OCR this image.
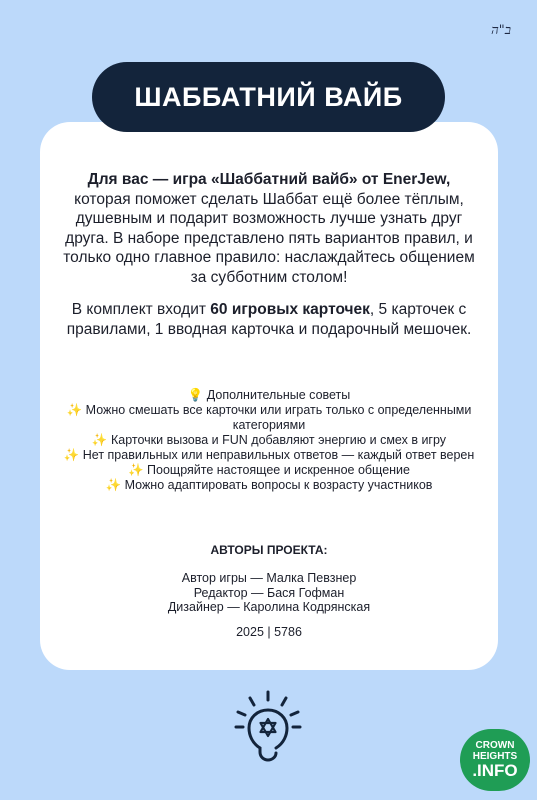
ב"ה
ШАББАТНИЙ ВАЙБ
Для вас — игра «Шаббатний вайб» от EnerJew, которая поможет сделать Шаббат ещё более тёплым, душевным и подарит возможность лучше узнать друг друга. В наборе представлено пять вариантов правил, и только одно главное правило: наслаждайтесь общением за субботним столом!
В комплект входит 60 игровых карточек, 5 карточек с правилами, 1 вводная карточка и подарочный мешочек.

💡 Дополнительные советы

✨ Можно смешать все карточки или играть только с определенными категориями

✨ Карточки вызова и FUN добавляют энергию и смех в игру

✨ Нет правильных или неправильных ответов — каждый ответ верен

✨ Поощряйте настоящее и искренное общение

✨ Можно адаптировать вопросы к возрасту участников

АВТОРЫ ПРОЕКТА:
Автор игры — Малка Певзнер
Редактор — Бася Гофман
Дизайнер — Каролина Кодрянская
2025 | 5786
CROWN HEIGHTS
.INFO
